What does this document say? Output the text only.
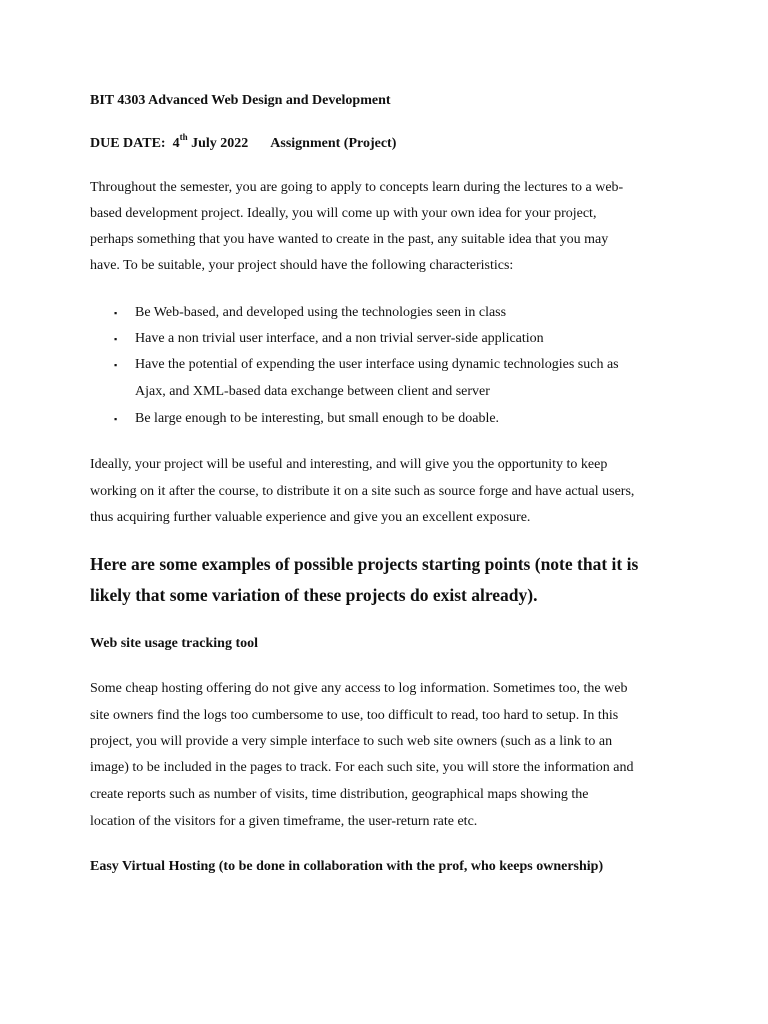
BIT 4303 Advanced Web Design and Development
DUE DATE: 4th July 2022 Assignment (Project)
Throughout the semester, you are going to apply to concepts learn during the lectures to a web-
based development project. Ideally, you will come up with your own idea for your project,
perhaps something that you have wanted to create in the past, any suitable idea that you may
have. To be suitable, your project should have the following characteristics:
▪ Be Web-based, and developed using the technologies seen in class
▪ Have a non trivial user interface, and a non trivial server-side application
▪ Have the potential of expending the user interface using dynamic technologies such as
Ajax, and XML-based data exchange between client and server
▪ Be large enough to be interesting, but small enough to be doable.
Ideally, your project will be useful and interesting, and will give you the opportunity to keep
working on it after the course, to distribute it on a site such as source forge and have actual users,
thus acquiring further valuable experience and give you an excellent exposure.
Here are some examples of possible projects starting points (note that it is
likely that some variation of these projects do exist already).
Web site usage tracking tool
Some cheap hosting offering do not give any access to log information. Sometimes too, the web
site owners find the logs too cumbersome to use, too difficult to read, too hard to setup. In this
project, you will provide a very simple interface to such web site owners (such as a link to an
image) to be included in the pages to track. For each such site, you will store the information and
create reports such as number of visits, time distribution, geographical maps showing the
location of the visitors for a given timeframe, the user-return rate etc.
Easy Virtual Hosting (to be done in collaboration with the prof, who keeps ownership)
